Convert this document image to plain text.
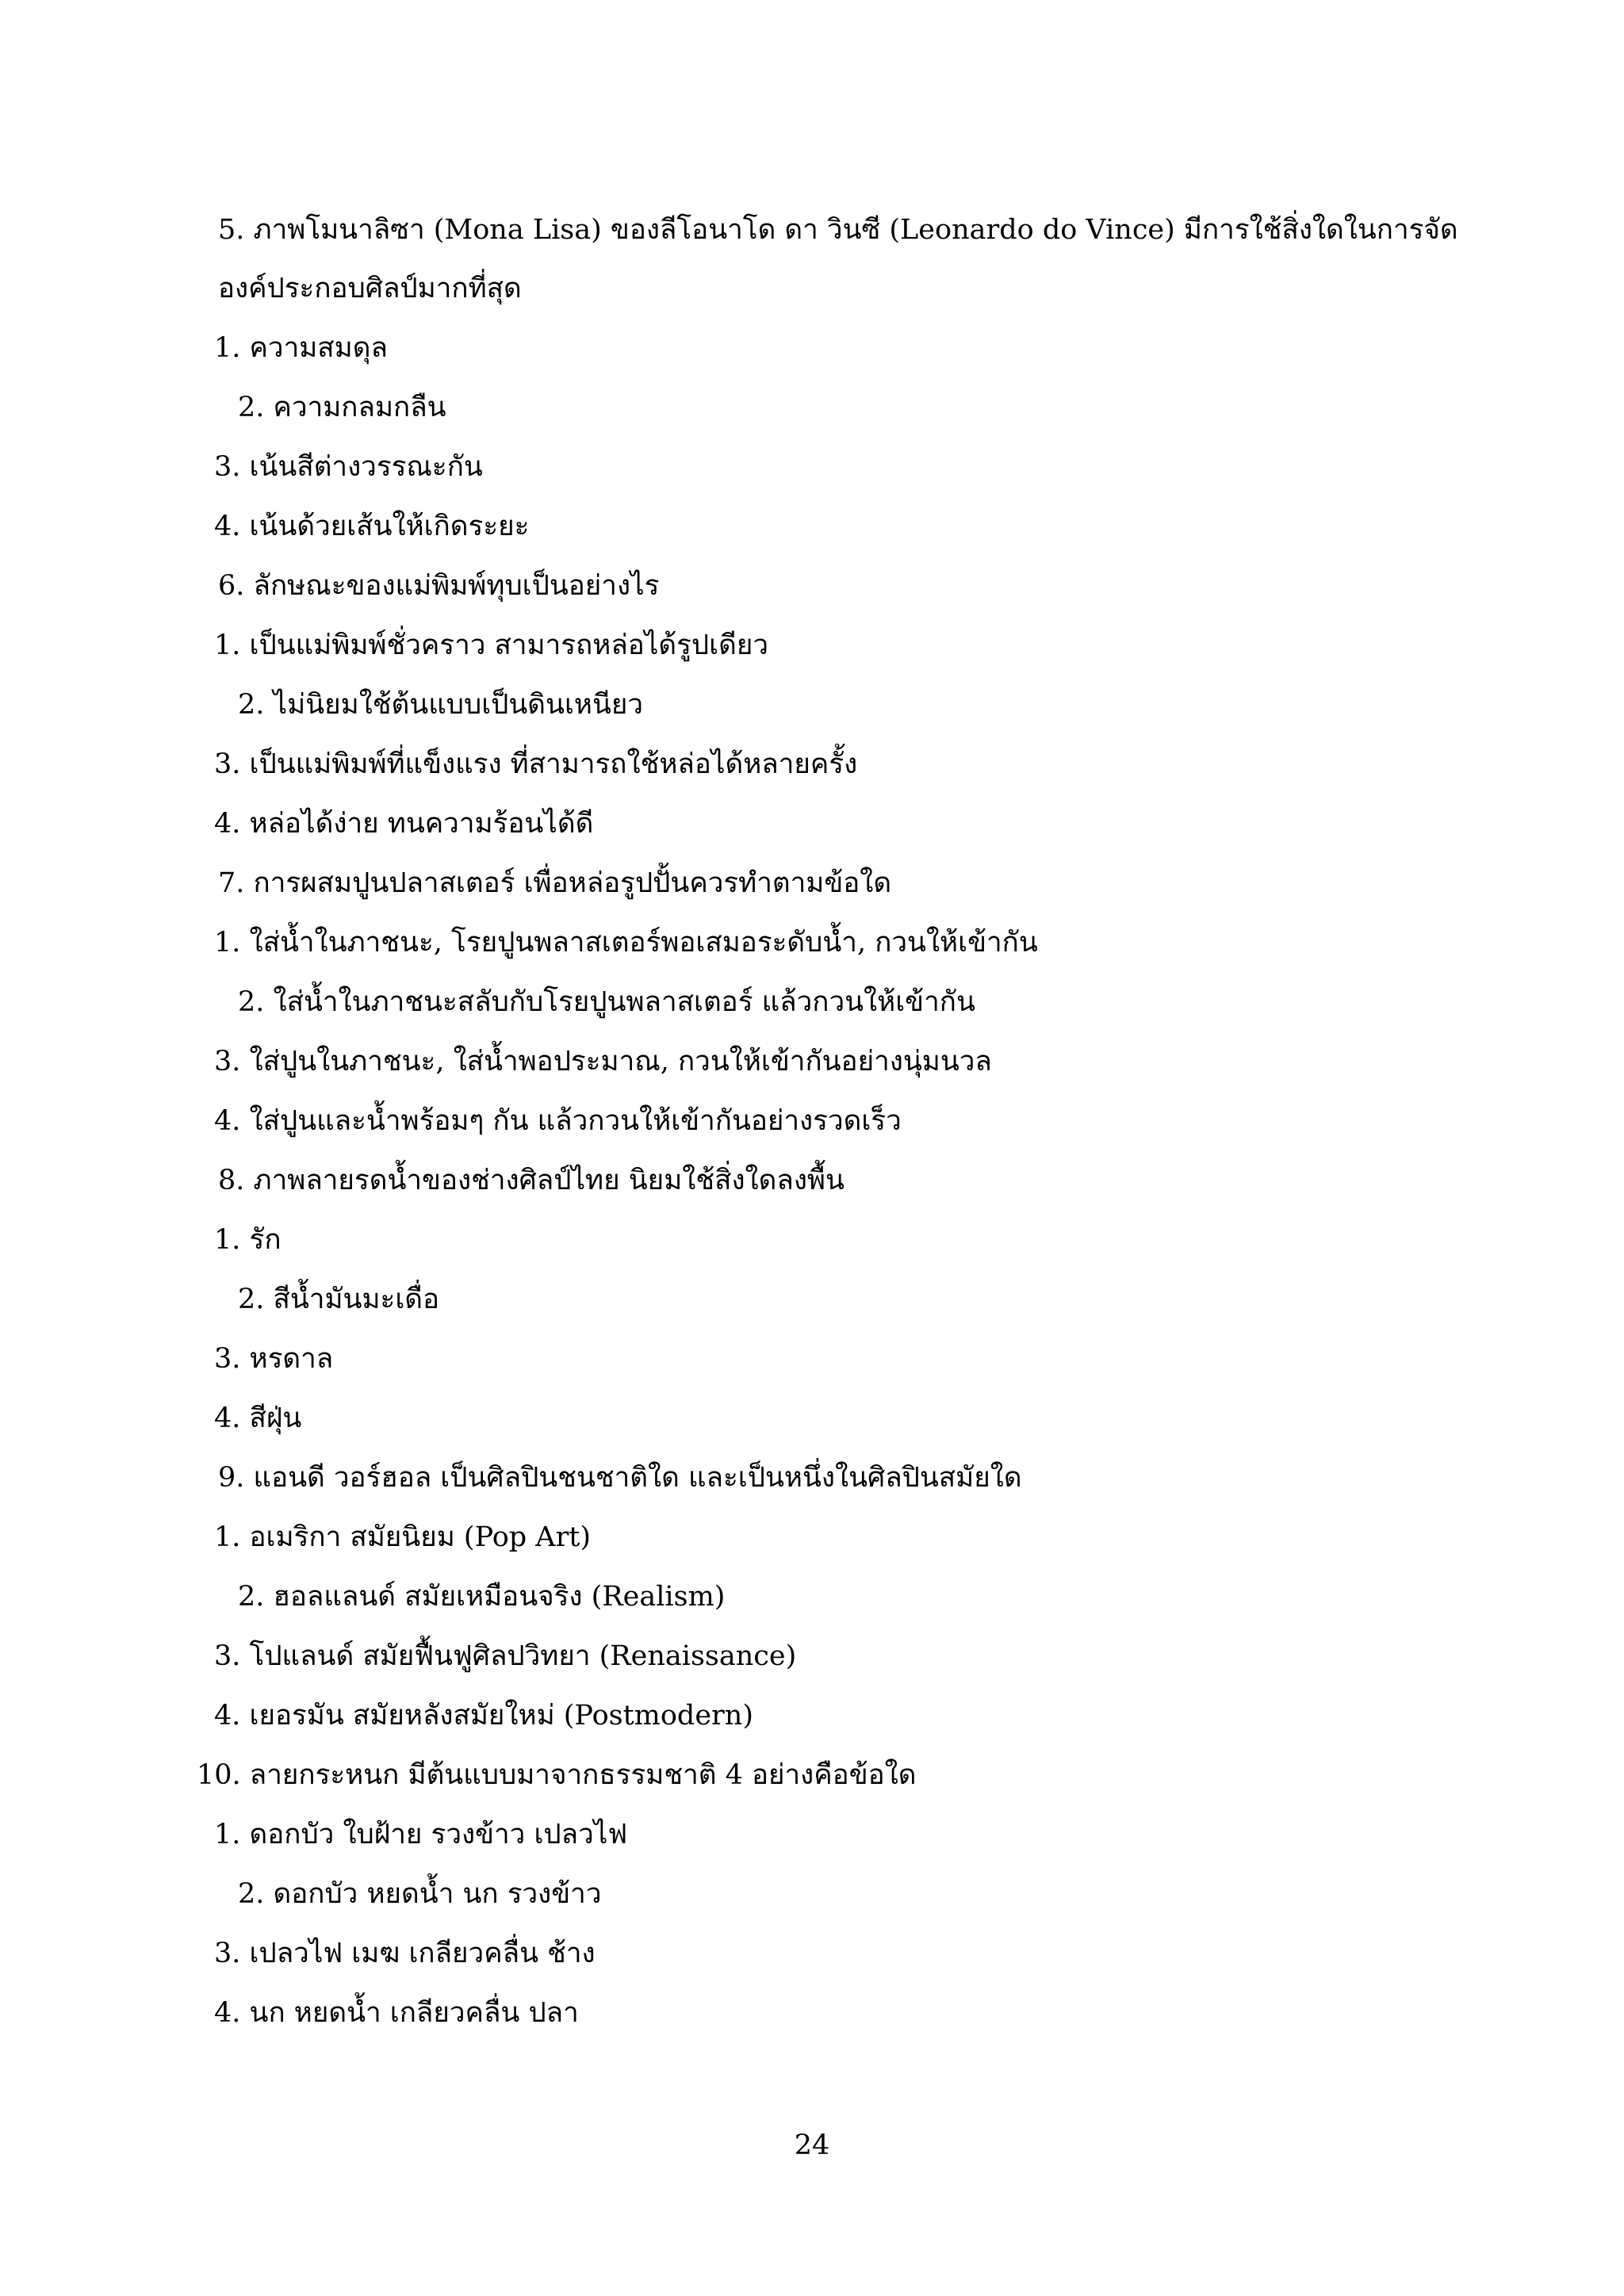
5. ภาพโมนาลิซา (Mona Lisa) ของลีโอนาโด ดา วินซี (Leonardo do Vince) มีการใช้สิ่งใดในการจัด
องค์ประกอบศิลป์มากที่สุด
1. ความสมดุล
2. ความกลมกลืน
3. เน้นสีต่างวรรณะกัน
4. เน้นด้วยเส้นให้เกิดระยะ
6. ลักษณะของแม่พิมพ์ทุบเป็นอย่างไร
1. เป็นแม่พิมพ์ชั่วคราว สามารถหล่อได้รูปเดียว
2. ไม่นิยมใช้ต้นแบบเป็นดินเหนียว
3. เป็นแม่พิมพ์ที่แข็งแรง ที่สามารถใช้หล่อได้หลายครั้ง
4. หล่อได้ง่าย ทนความร้อนได้ดี
7. การผสมปูนปลาสเตอร์ เพื่อหล่อรูปปั้นควรทำตามข้อใด
1. ใส่น้ำในภาชนะ, โรยปูนพลาสเตอร์พอเสมอระดับน้ำ, กวนให้เข้ากัน
2. ใส่น้ำในภาชนะสลับกับโรยปูนพลาสเตอร์ แล้วกวนให้เข้ากัน
3. ใส่ปูนในภาชนะ, ใส่น้ำพอประมาณ, กวนให้เข้ากันอย่างนุ่มนวล
4. ใส่ปูนและน้ำพร้อมๆ กัน แล้วกวนให้เข้ากันอย่างรวดเร็ว
8. ภาพลายรดน้ำของช่างศิลป์ไทย นิยมใช้สิ่งใดลงพื้น
1. รัก
2. สีน้ำมันมะเดื่อ
3. หรดาล
4. สีฝุ่น
9. แอนดี วอร์ฮอล เป็นศิลปินชนชาติใด และเป็นหนึ่งในศิลปินสมัยใด
1. อเมริกา สมัยนิยม (Pop Art)
2. ฮอลแลนด์ สมัยเหมือนจริง (Realism)
3. โปแลนด์ สมัยฟื้นฟูศิลปวิทยา (Renaissance)
4. เยอรมัน สมัยหลังสมัยใหม่ (Postmodern)
10. ลายกระหนก มีต้นแบบมาจากธรรมชาติ 4 อย่างคือข้อใด
1. ดอกบัว ใบฝ้าย รวงข้าว เปลวไฟ
2. ดอกบัว หยดน้ำ นก รวงข้าว
3. เปลวไฟ เมฆ เกลียวคลื่น ช้าง
4. นก หยดน้ำ เกลียวคลื่น ปลา
24
